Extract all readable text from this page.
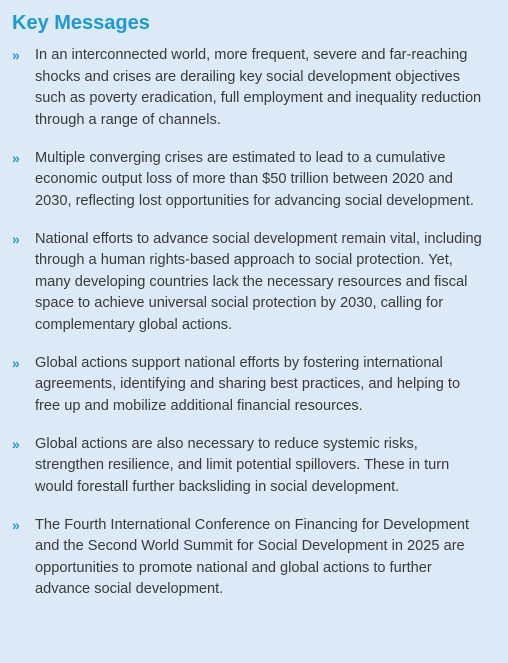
Key Messages
» In an interconnected world, more frequent, severe and far-reaching shocks and crises are derailing key social development objectives such as poverty eradication, full employment and inequality reduction through a range of channels.
» Multiple converging crises are estimated to lead to a cumulative economic output loss of more than $50 trillion between 2020 and 2030, reflecting lost opportunities for advancing social development.
» National efforts to advance social development remain vital, including through a human rights-based approach to social protection. Yet, many developing countries lack the necessary resources and fiscal space to achieve universal social protection by 2030, calling for complementary global actions.
» Global actions support national efforts by fostering international agreements, identifying and sharing best practices, and helping to free up and mobilize additional financial resources.
» Global actions are also necessary to reduce systemic risks, strengthen resilience, and limit potential spillovers. These in turn would forestall further backsliding in social development.
» The Fourth International Conference on Financing for Development and the Second World Summit for Social Development in 2025 are opportunities to promote national and global actions to further advance social development.
